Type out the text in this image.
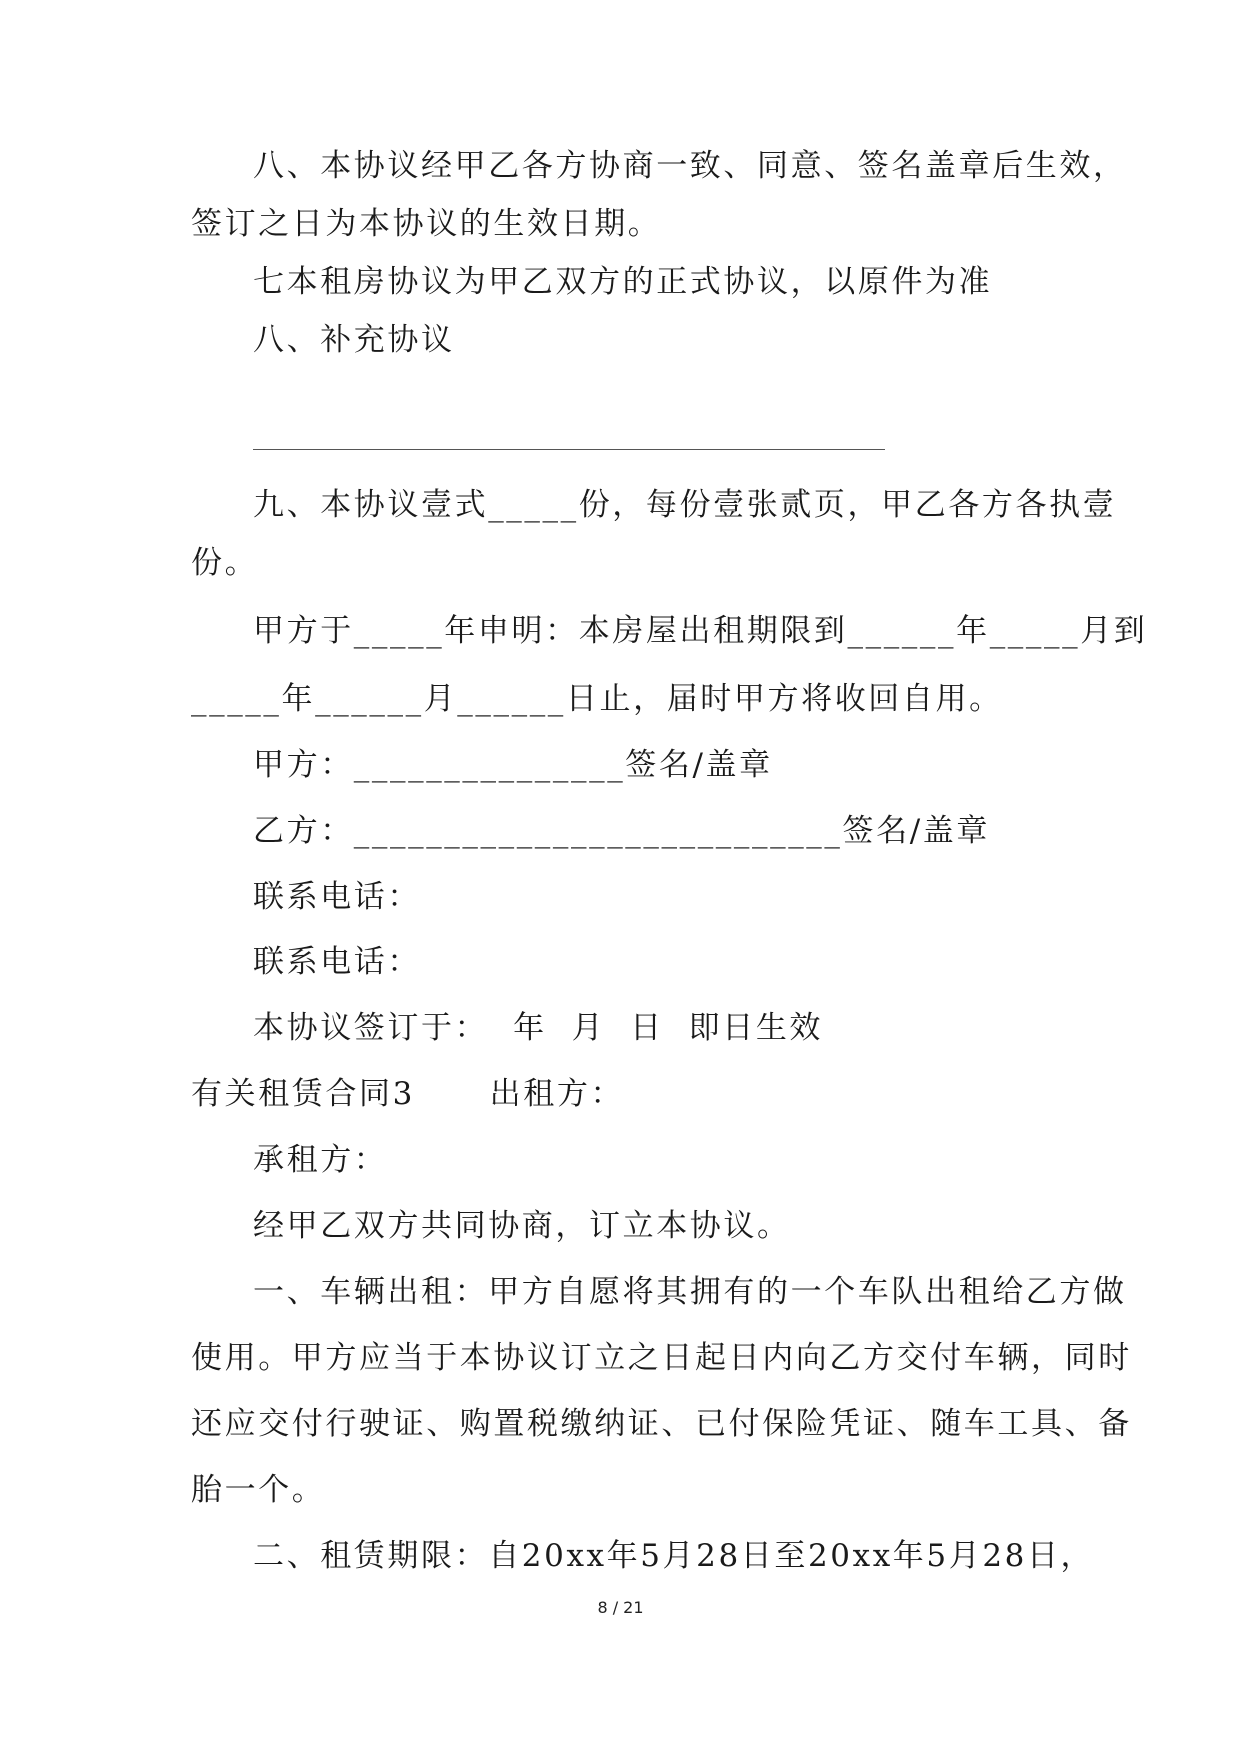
八、本协议经甲乙各方协商一致、同意、签名盖章后生效，
签订之日为本协议的生效日期。
七本租房协议为甲乙双方的正式协议，以原件为准
八、补充协议
九、本协议壹式_____份，每份壹张贰页，甲乙各方各执壹
份。
甲方于_____年申明：本房屋出租期限到______年_____月到
_____年______月______日止，届时甲方将收回自用。
甲方：_______________签名/盖章
乙方：___________________________签名/盖章
联系电话：
联系电话：
本协议签订于：  年  月  日  即日生效
有关租赁合同3      出租方：
承租方：
经甲乙双方共同协商，订立本协议。
一、车辆出租：甲方自愿将其拥有的一个车队出租给乙方做
使用。甲方应当于本协议订立之日起日内向乙方交付车辆，同时
还应交付行驶证、购置税缴纳证、已付保险凭证、随车工具、备
胎一个。
二、租赁期限：自20xx年5月28日至20xx年5月28日，
8 / 21
